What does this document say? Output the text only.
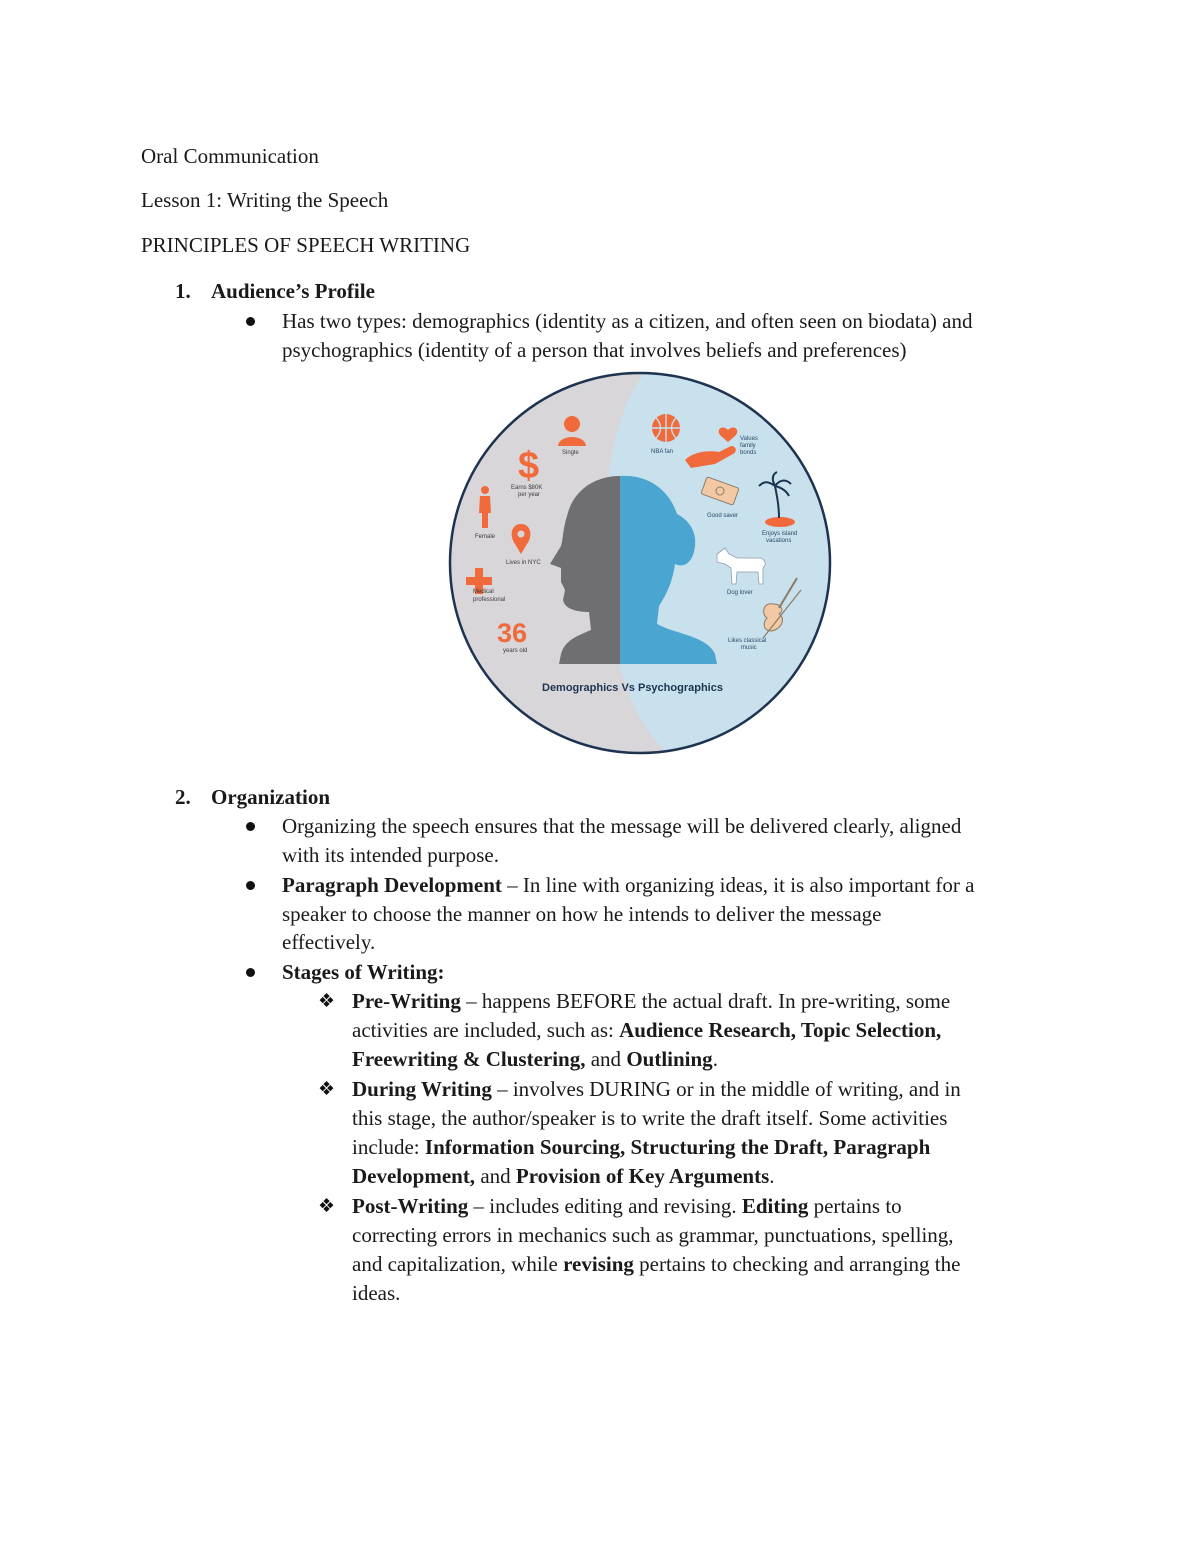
Oral Communication
Lesson 1: Writing the Speech
PRINCIPLES OF SPEECH WRITING
1. Audience’s Profile
Has two types: demographics (identity as a citizen, and often seen on biodata) and
psychographics (identity of a person that involves beliefs and preferences)
Single
$
Earns $80K
per year
Female
Lives in NYC
Medical
professional
36
years old
NBA fan
Values
family
bonds
Good saver
Enjoys island
vacations
Dog lover
Likes classical
music
Demographics Vs Psychographics
2. Organization
Organizing the speech ensures that the message will be delivered clearly, aligned
with its intended purpose.
Paragraph Development – In line with organizing ideas, it is also important for a
speaker to choose the manner on how he intends to deliver the message
effectively.
Stages of Writing:
❖ Pre-Writing – happens BEFORE the actual draft. In pre-writing, some
activities are included, such as: Audience Research, Topic Selection,
Freewriting & Clustering, and Outlining.
❖ During Writing – involves DURING or in the middle of writing, and in
this stage, the author/speaker is to write the draft itself. Some activities
include: Information Sourcing, Structuring the Draft, Paragraph
Development, and Provision of Key Arguments.
❖ Post-Writing – includes editing and revising. Editing pertains to
correcting errors in mechanics such as grammar, punctuations, spelling,
and capitalization, while revising pertains to checking and arranging the
ideas.
